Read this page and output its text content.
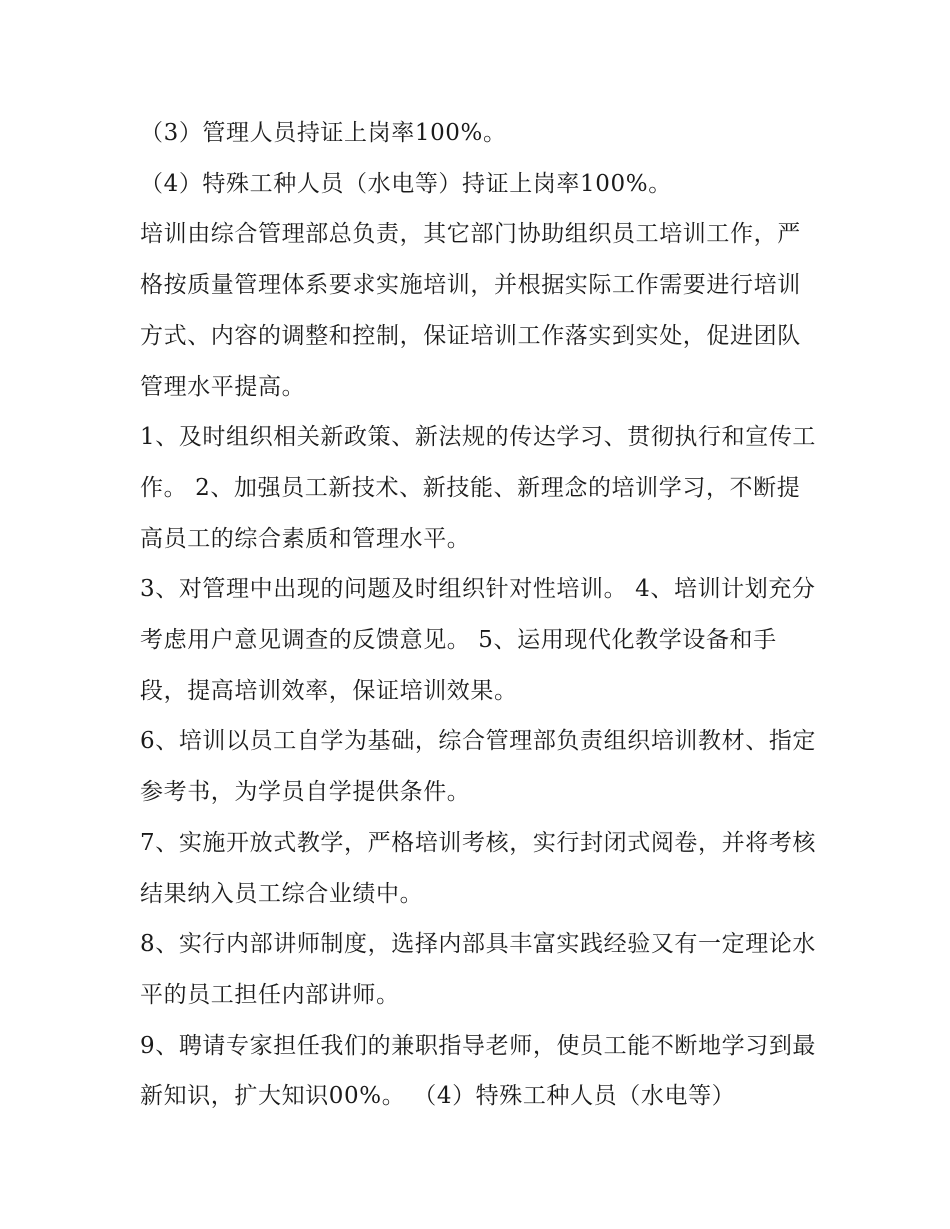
（3）管理人员持证上岗率100%。

（4）特殊工种人员（水电等）持证上岗率100%。

培训由综合管理部总负责，其它部门协助组织员工培训工作，严格按质量管理体系要求实施培训，并根据实际工作需要进行培训方式、内容的调整和控制，保证培训工作落实到实处，促进团队管理水平提高。

1、及时组织相关新政策、新法规的传达学习、贯彻执行和宣传工作。 2、加强员工新技术、新技能、新理念的培训学习，不断提高员工的综合素质和管理水平。

3、对管理中出现的问题及时组织针对性培训。 4、培训计划充分考虑用户意见调查的反馈意见。 5、运用现代化教学设备和手段，提高培训效率，保证培训效果。

6、培训以员工自学为基础，综合管理部负责组织培训教材、指定参考书，为学员自学提供条件。

7、实施开放式教学，严格培训考核，实行封闭式阅卷，并将考核结果纳入员工综合业绩中。

8、实行内部讲师制度，选择内部具丰富实践经验又有一定理论水平的员工担任内部讲师。

9、聘请专家担任我们的兼职指导老师，使员工能不断地学习到最新知识，扩大知识00%。 （4）特殊工种人员（水电等）
